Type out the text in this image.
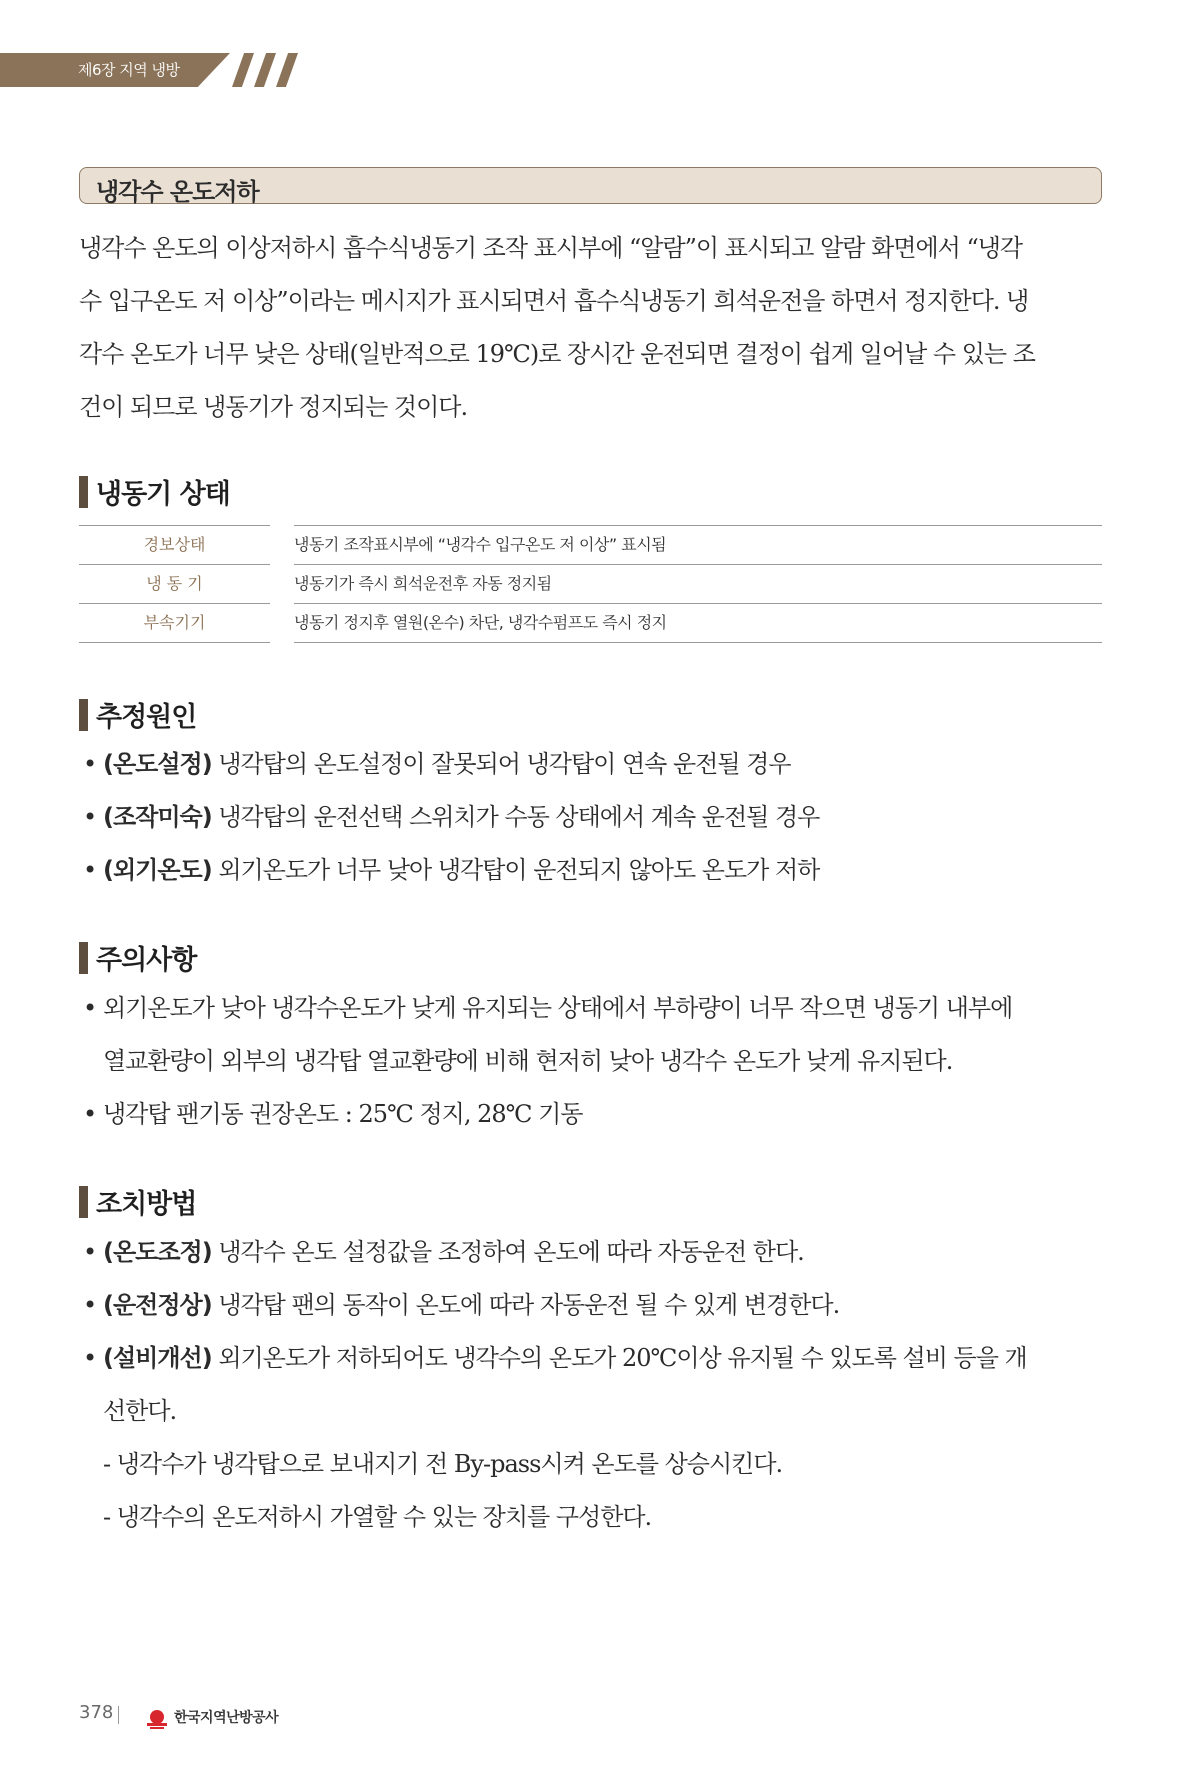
제6장 지역 냉방
냉각수 온도저하
냉각수 온도의 이상저하시 흡수식냉동기 조작 표시부에 “알람”이 표시되고 알람 화면에서 “냉각
수 입구온도 저 이상”이라는 메시지가 표시되면서 흡수식냉동기 희석운전을 하면서 정지한다. 냉
각수 온도가 너무 낮은 상태(일반적으로 19℃)로 장시간 운전되면 결정이 쉽게 일어날 수 있는 조
건이 되므로 냉동기가 정지되는 것이다.
냉동기 상태
경보상태	냉동기 조작표시부에 “냉각수 입구온도 저 이상” 표시됨
냉 동 기	냉동기가 즉시 희석운전후 자동 정지됨
부속기기	냉동기 정지후 열원(온수) 차단, 냉각수펌프도 즉시 정지
추정원인
• (온도설정) 냉각탑의 온도설정이 잘못되어 냉각탑이 연속 운전될 경우
• (조작미숙) 냉각탑의 운전선택 스위치가 수동 상태에서 계속 운전될 경우
• (외기온도) 외기온도가 너무 낮아 냉각탑이 운전되지 않아도 온도가 저하
주의사항
• 외기온도가 낮아 냉각수온도가 낮게 유지되는 상태에서 부하량이 너무 작으면 냉동기 내부에
열교환량이 외부의 냉각탑 열교환량에 비해 현저히 낮아 냉각수 온도가 낮게 유지된다.
• 냉각탑 팬기동 권장온도 : 25℃ 정지, 28℃ 기동
조치방법
• (온도조정) 냉각수 온도 설정값을 조정하여 온도에 따라 자동운전 한다.
• (운전정상) 냉각탑 팬의 동작이 온도에 따라 자동운전 될 수 있게 변경한다.
• (설비개선) 외기온도가 저하되어도 냉각수의 온도가 20℃이상 유지될 수 있도록 설비 등을 개
선한다.
- 냉각수가 냉각탑으로 보내지기 전 By-pass시켜 온도를 상승시킨다.
- 냉각수의 온도저하시 가열할 수 있는 장치를 구성한다.
378	한국지역난방공사
